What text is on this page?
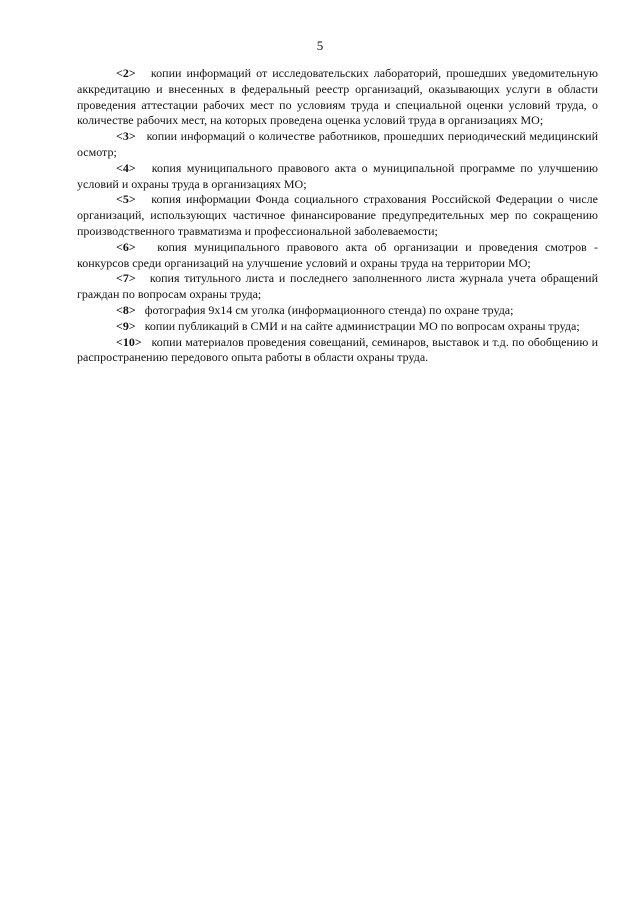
5

<2> копии информаций от исследовательских лабораторий, прошедших уведомительную аккредитацию и внесенных в федеральный реестр организаций, оказывающих услуги в области проведения аттестации рабочих мест по условиям труда и специальной оценки условий труда, о количестве рабочих мест, на которых проведена оценка условий труда в организациях МО;

<3> копии информаций о количестве работников, прошедших периодический медицинский осмотр;

<4> копия муниципального правового акта о муниципальной программе по улучшению условий и охраны труда в организациях МО;

<5> копия информации Фонда социального страхования Российской Федерации о числе организаций, использующих частичное финансирование предупредительных мер по сокращению производственного травматизма и профессиональной заболеваемости;

<6> копия муниципального правового акта об организации и проведения смотров - конкурсов среди организаций на улучшение условий и охраны труда на территории МО;

<7> копия титульного листа и последнего заполненного листа журнала учета обращений граждан по вопросам охраны труда;

<8> фотография 9х14 см уголка (информационного стенда) по охране труда;

<9> копии публикаций в СМИ и на сайте администрации МО по вопросам охраны труда;

<10> копии материалов проведения совещаний, семинаров, выставок и т.д. по обобщению и распространению передового опыта работы в области охраны труда.
